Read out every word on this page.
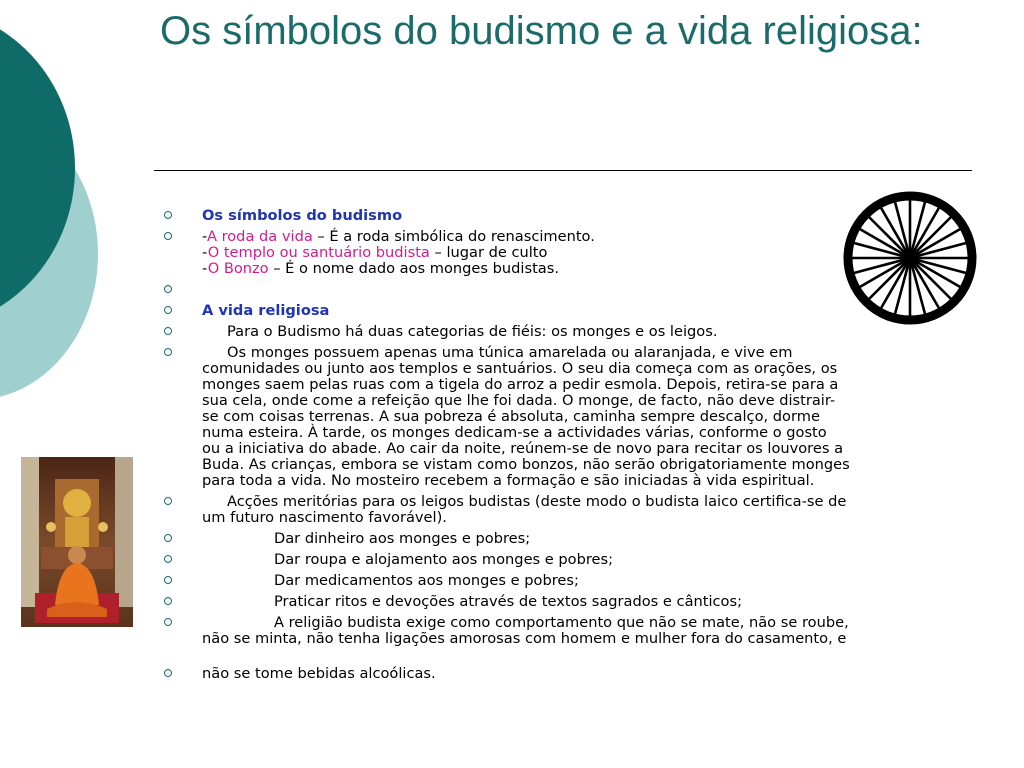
Os símbolos do budismo e a vida religiosa:
Os símbolos do budismo
-A roda da vida – É a roda simbólica do renascimento.
-O templo ou santuário budista – lugar de culto
-O Bonzo – É o nome dado aos monges budistas.

A vida religiosa
Para o Budismo há duas categorias de fiéis: os monges e os leigos.
Os monges possuem apenas uma túnica amarelada ou alaranjada, e vive em
comunidades ou junto aos templos e santuários. O seu dia começa com as orações, os
monges saem pelas ruas com a tigela do arroz a pedir esmola. Depois, retira-se para a
sua cela, onde come a refeição que lhe foi dada. O monge, de facto, não deve distrair-
se com coisas terrenas. A sua pobreza é absoluta, caminha sempre descalço, dorme
numa esteira. À tarde, os monges dedicam-se a actividades várias, conforme o gosto
ou a iniciativa do abade. Ao cair da noite, reúnem-se de novo para recitar os louvores a
Buda. As crianças, embora se vistam como bonzos, não serão obrigatoriamente monges
para toda a vida. No mosteiro recebem a formação e são iniciadas à vida espiritual.
Acções meritórias para os leigos budistas (deste modo o budista laico certifica-se de
um futuro nascimento favorável).
Dar dinheiro aos monges e pobres;
Dar roupa e alojamento aos monges e pobres;
Dar medicamentos aos monges e pobres;
Praticar ritos e devoções através de textos sagrados e cânticos;
A religião budista exige como comportamento que não se mate, não se roube,
não se minta, não tenha ligações amorosas com homem e mulher fora do casamento, e
não se tome bebidas alcoólicas.
